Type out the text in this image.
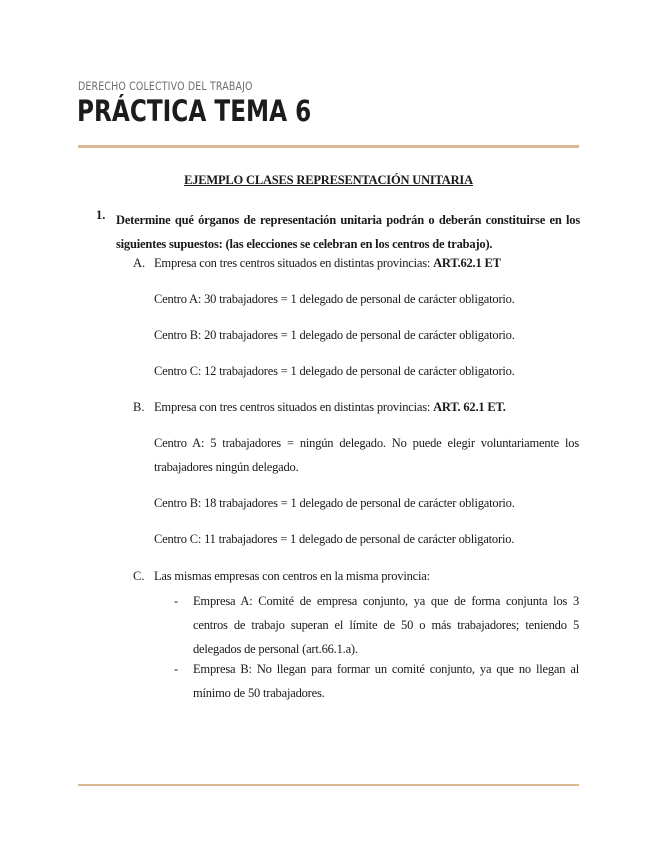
DERECHO COLECTIVO DEL TRABAJO
PRÁCTICA TEMA 6
EJEMPLO CLASES REPRESENTACIÓN UNITARIA
1. Determine qué órganos de representación unitaria podrán o deberán constituirse en los siguientes supuestos: (las elecciones se celebran en los centros de trabajo).
A. Empresa con tres centros situados en distintas provincias: ART.62.1 ET
Centro A: 30 trabajadores = 1 delegado de personal de carácter obligatorio.
Centro B: 20 trabajadores = 1 delegado de personal de carácter obligatorio.
Centro C: 12 trabajadores = 1 delegado de personal de carácter obligatorio.
B. Empresa con tres centros situados en distintas provincias: ART. 62.1 ET.
Centro A: 5 trabajadores = ningún delegado. No puede elegir voluntariamente los trabajadores ningún delegado.
Centro B: 18 trabajadores = 1 delegado de personal de carácter obligatorio.
Centro C: 11 trabajadores = 1 delegado de personal de carácter obligatorio.
C. Las mismas empresas con centros en la misma provincia:
- Empresa A: Comité de empresa conjunto, ya que de forma conjunta los 3 centros de trabajo superan el límite de 50 o más trabajadores; teniendo 5 delegados de personal (art.66.1.a).
- Empresa B: No llegan para formar un comité conjunto, ya que no llegan al mínimo de 50 trabajadores.
